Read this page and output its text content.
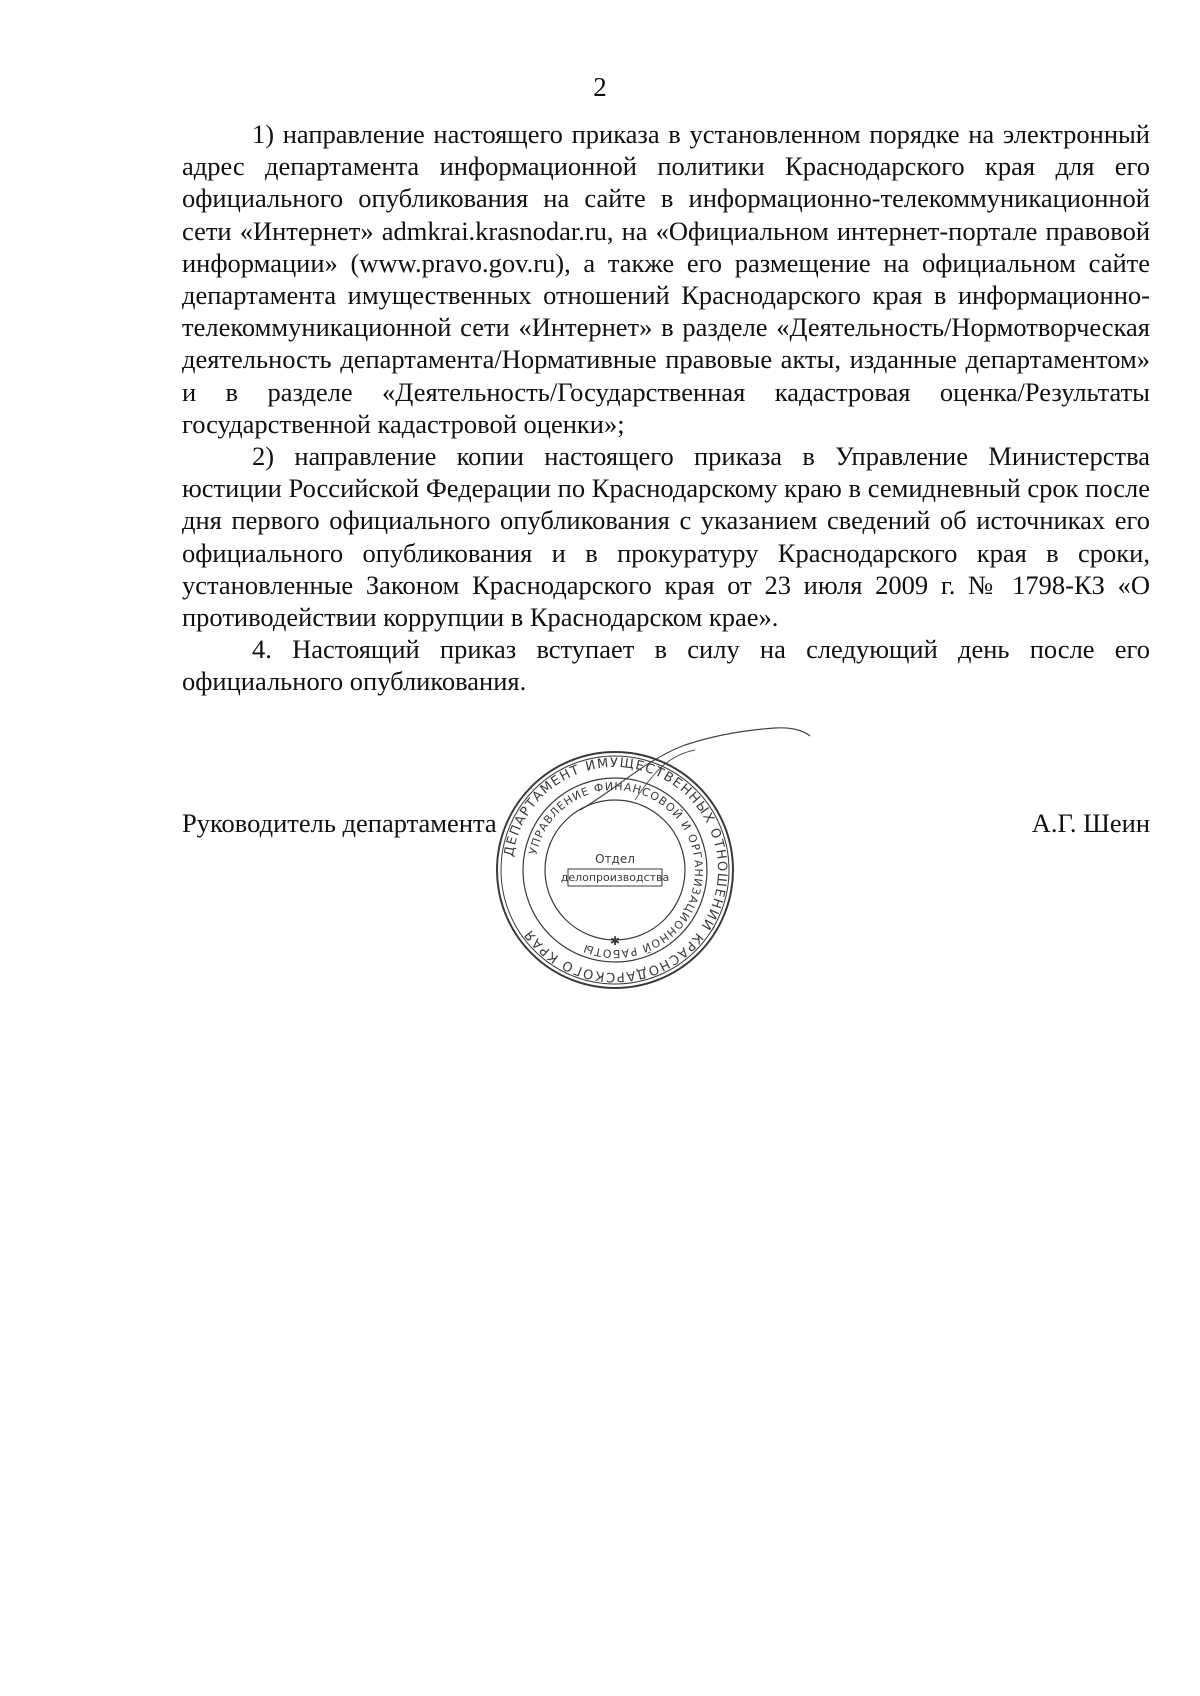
2

1) направление настоящего приказа в установленном порядке на электронный адрес департамента информационной политики Краснодарского края для его официального опубликования на сайте в информационно-телекоммуникационной сети «Интернет» admkrai.krasnodar.ru, на «Официальном интернет-портале правовой информации» (www.pravo.gov.ru), а также его размещение на официальном сайте департамента имущественных отношений Краснодарского края в информационно-телекоммуникационной сети «Интернет» в разделе «Деятельность/Нормотворческая деятельность департамента/Нормативные правовые акты, изданные департаментом» и в разделе «Деятельность/Государственная кадастровая оценка/Результаты государственной кадастровой оценки»;

2) направление копии настоящего приказа в Управление Министерства юстиции Российской Федерации по Краснодарскому краю в семидневный срок после дня первого официального опубликования с указанием сведений об источниках его официального опубликования и в прокуратуру Краснодарского края в сроки, установленные Законом Краснодарского края от 23 июля 2009 г. № 1798-КЗ «О противодействии коррупции в Краснодарском крае».

4. Настоящий приказ вступает в силу на следующий день после его официального опубликования.

Руководитель департамента	А.Г. Шеин
ДЕПАРТАМЕНТ ИМУЩЕСТВЕННЫХ ОТНОШЕНИЙ КРАСНОДАРСКОГО КРАЯ
УПРАВЛЕНИЕ ФИНАНСОВОЙ И ОРГАНИЗАЦИОННОЙ РАБОТЫ
Отдел
делопроизводства
✱
